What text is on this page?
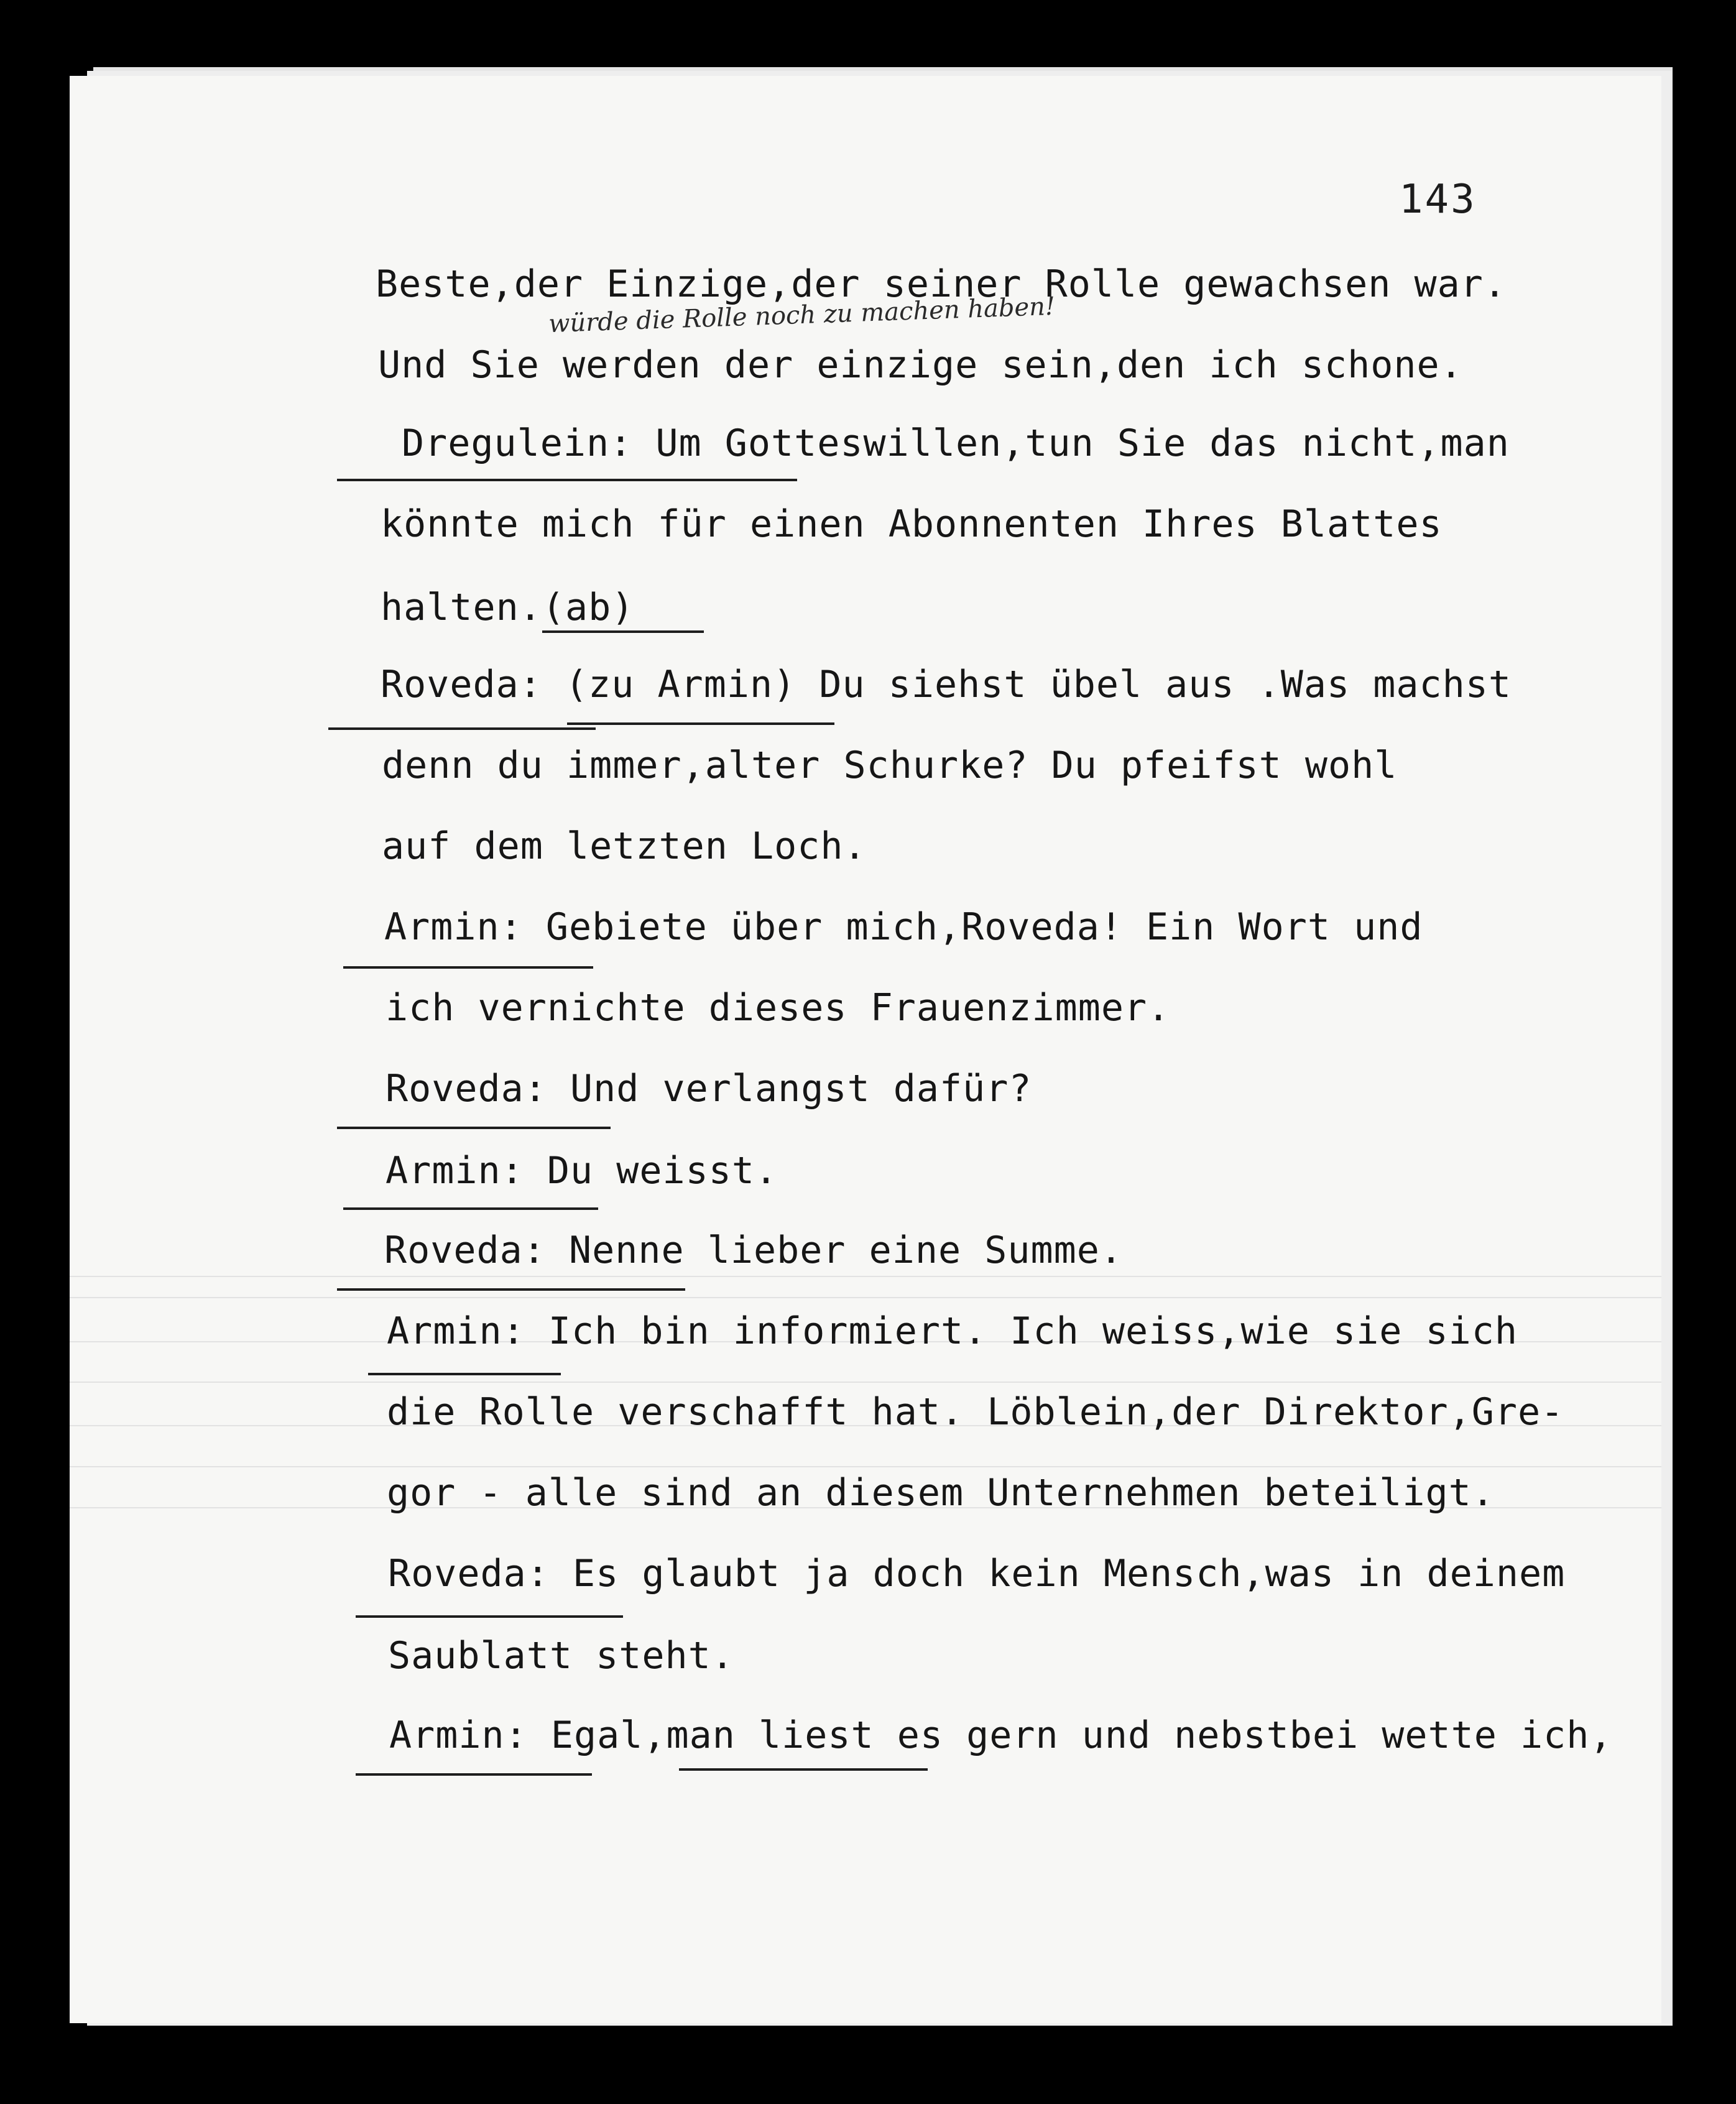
143
würde die Rolle noch zu machen haben!
Beste,der Einzige,der seiner Rolle gewachsen war.
Und Sie werden der einzige sein,den ich schone.
Dregulein: Um Gotteswillen,tun Sie das nicht,man
könnte mich für einen Abonnenten Ihres Blattes
halten.(ab)
Roveda: (zu Armin) Du siehst übel aus .Was machst
denn du immer,alter Schurke? Du pfeifst wohl
auf dem letzten Loch.
Armin: Gebiete über mich,Roveda! Ein Wort und
ich vernichte dieses Frauenzimmer.
Roveda: Und verlangst dafür?
Armin: Du weisst.
Roveda: Nenne lieber eine Summe.
Armin: Ich bin informiert. Ich weiss,wie sie sich
die Rolle verschafft hat. Löblein,der Direktor,Gre-
gor - alle sind an diesem Unternehmen beteiligt.
Roveda: Es glaubt ja doch kein Mensch,was in deinem
Saublatt steht.
Armin: Egal,man liest es gern und nebstbei wette ich,
